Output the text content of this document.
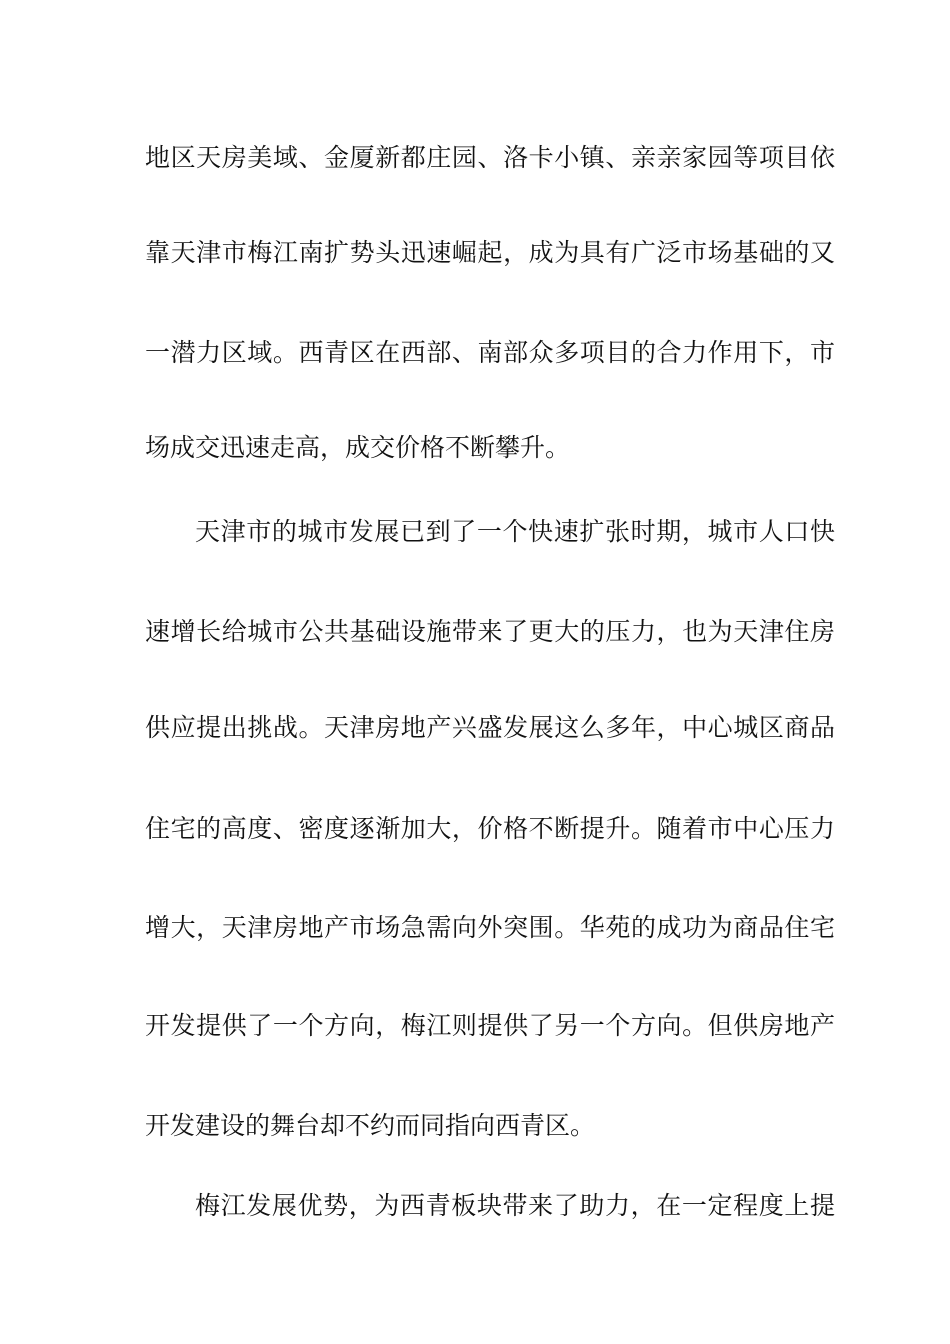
地区天房美域、金厦新都庄园、洛卡小镇、亲亲家园等项目依
靠天津市梅江南扩势头迅速崛起，成为具有广泛市场基础的又
一潜力区域。西青区在西部、南部众多项目的合力作用下，市
场成交迅速走高，成交价格不断攀升。
天津市的城市发展已到了一个快速扩张时期，城市人口快
速增长给城市公共基础设施带来了更大的压力，也为天津住房
供应提出挑战。天津房地产兴盛发展这么多年，中心城区商品
住宅的高度、密度逐渐加大，价格不断提升。随着市中心压力
增大，天津房地产市场急需向外突围。华苑的成功为商品住宅
开发提供了一个方向，梅江则提供了另一个方向。但供房地产
开发建设的舞台却不约而同指向西青区。
梅江发展优势，为西青板块带来了助力，在一定程度上提
